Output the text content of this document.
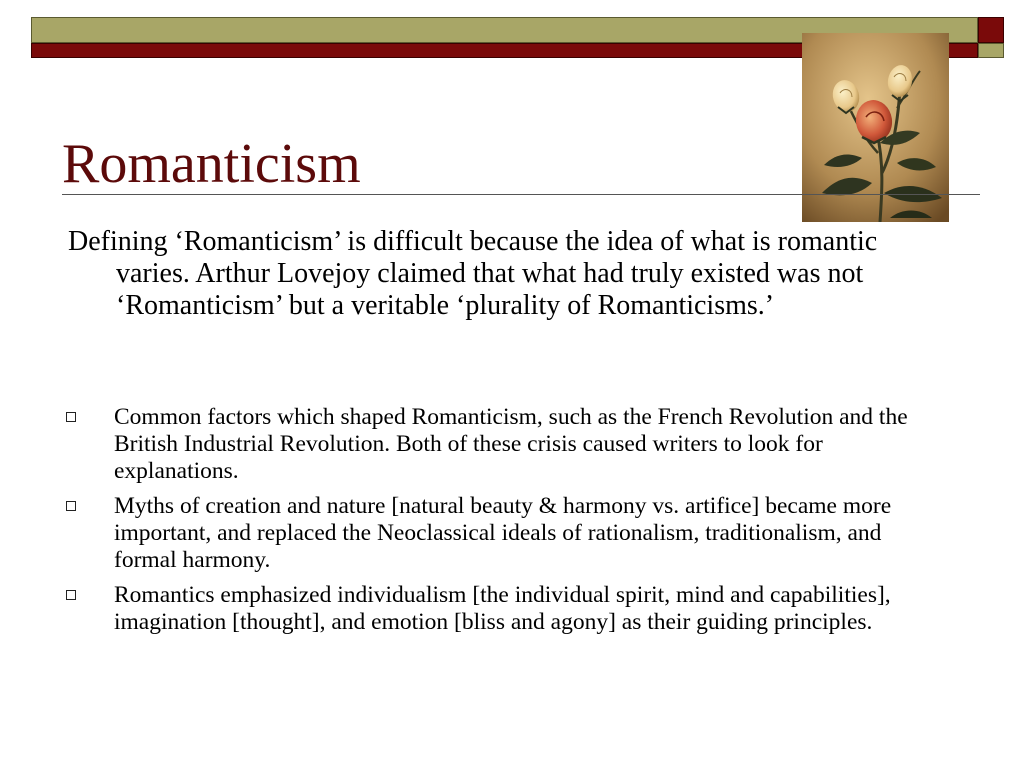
Romanticism
Defining ‘Romanticism’ is difficult because the idea of what is romantic varies. Arthur Lovejoy claimed that what had truly existed was not ‘Romanticism’ but a veritable ‘plurality of Romanticisms.’
Common factors which shaped Romanticism, such as the French Revolution and the British Industrial Revolution. Both of these crisis caused writers to look for explanations.
Myths of creation and nature [natural beauty & harmony vs. artifice] became more important, and replaced the Neoclassical ideals of rationalism, traditionalism, and formal harmony.
Romantics emphasized individualism [the individual spirit, mind and capabilities], imagination [thought], and emotion [bliss and agony] as their guiding principles.
